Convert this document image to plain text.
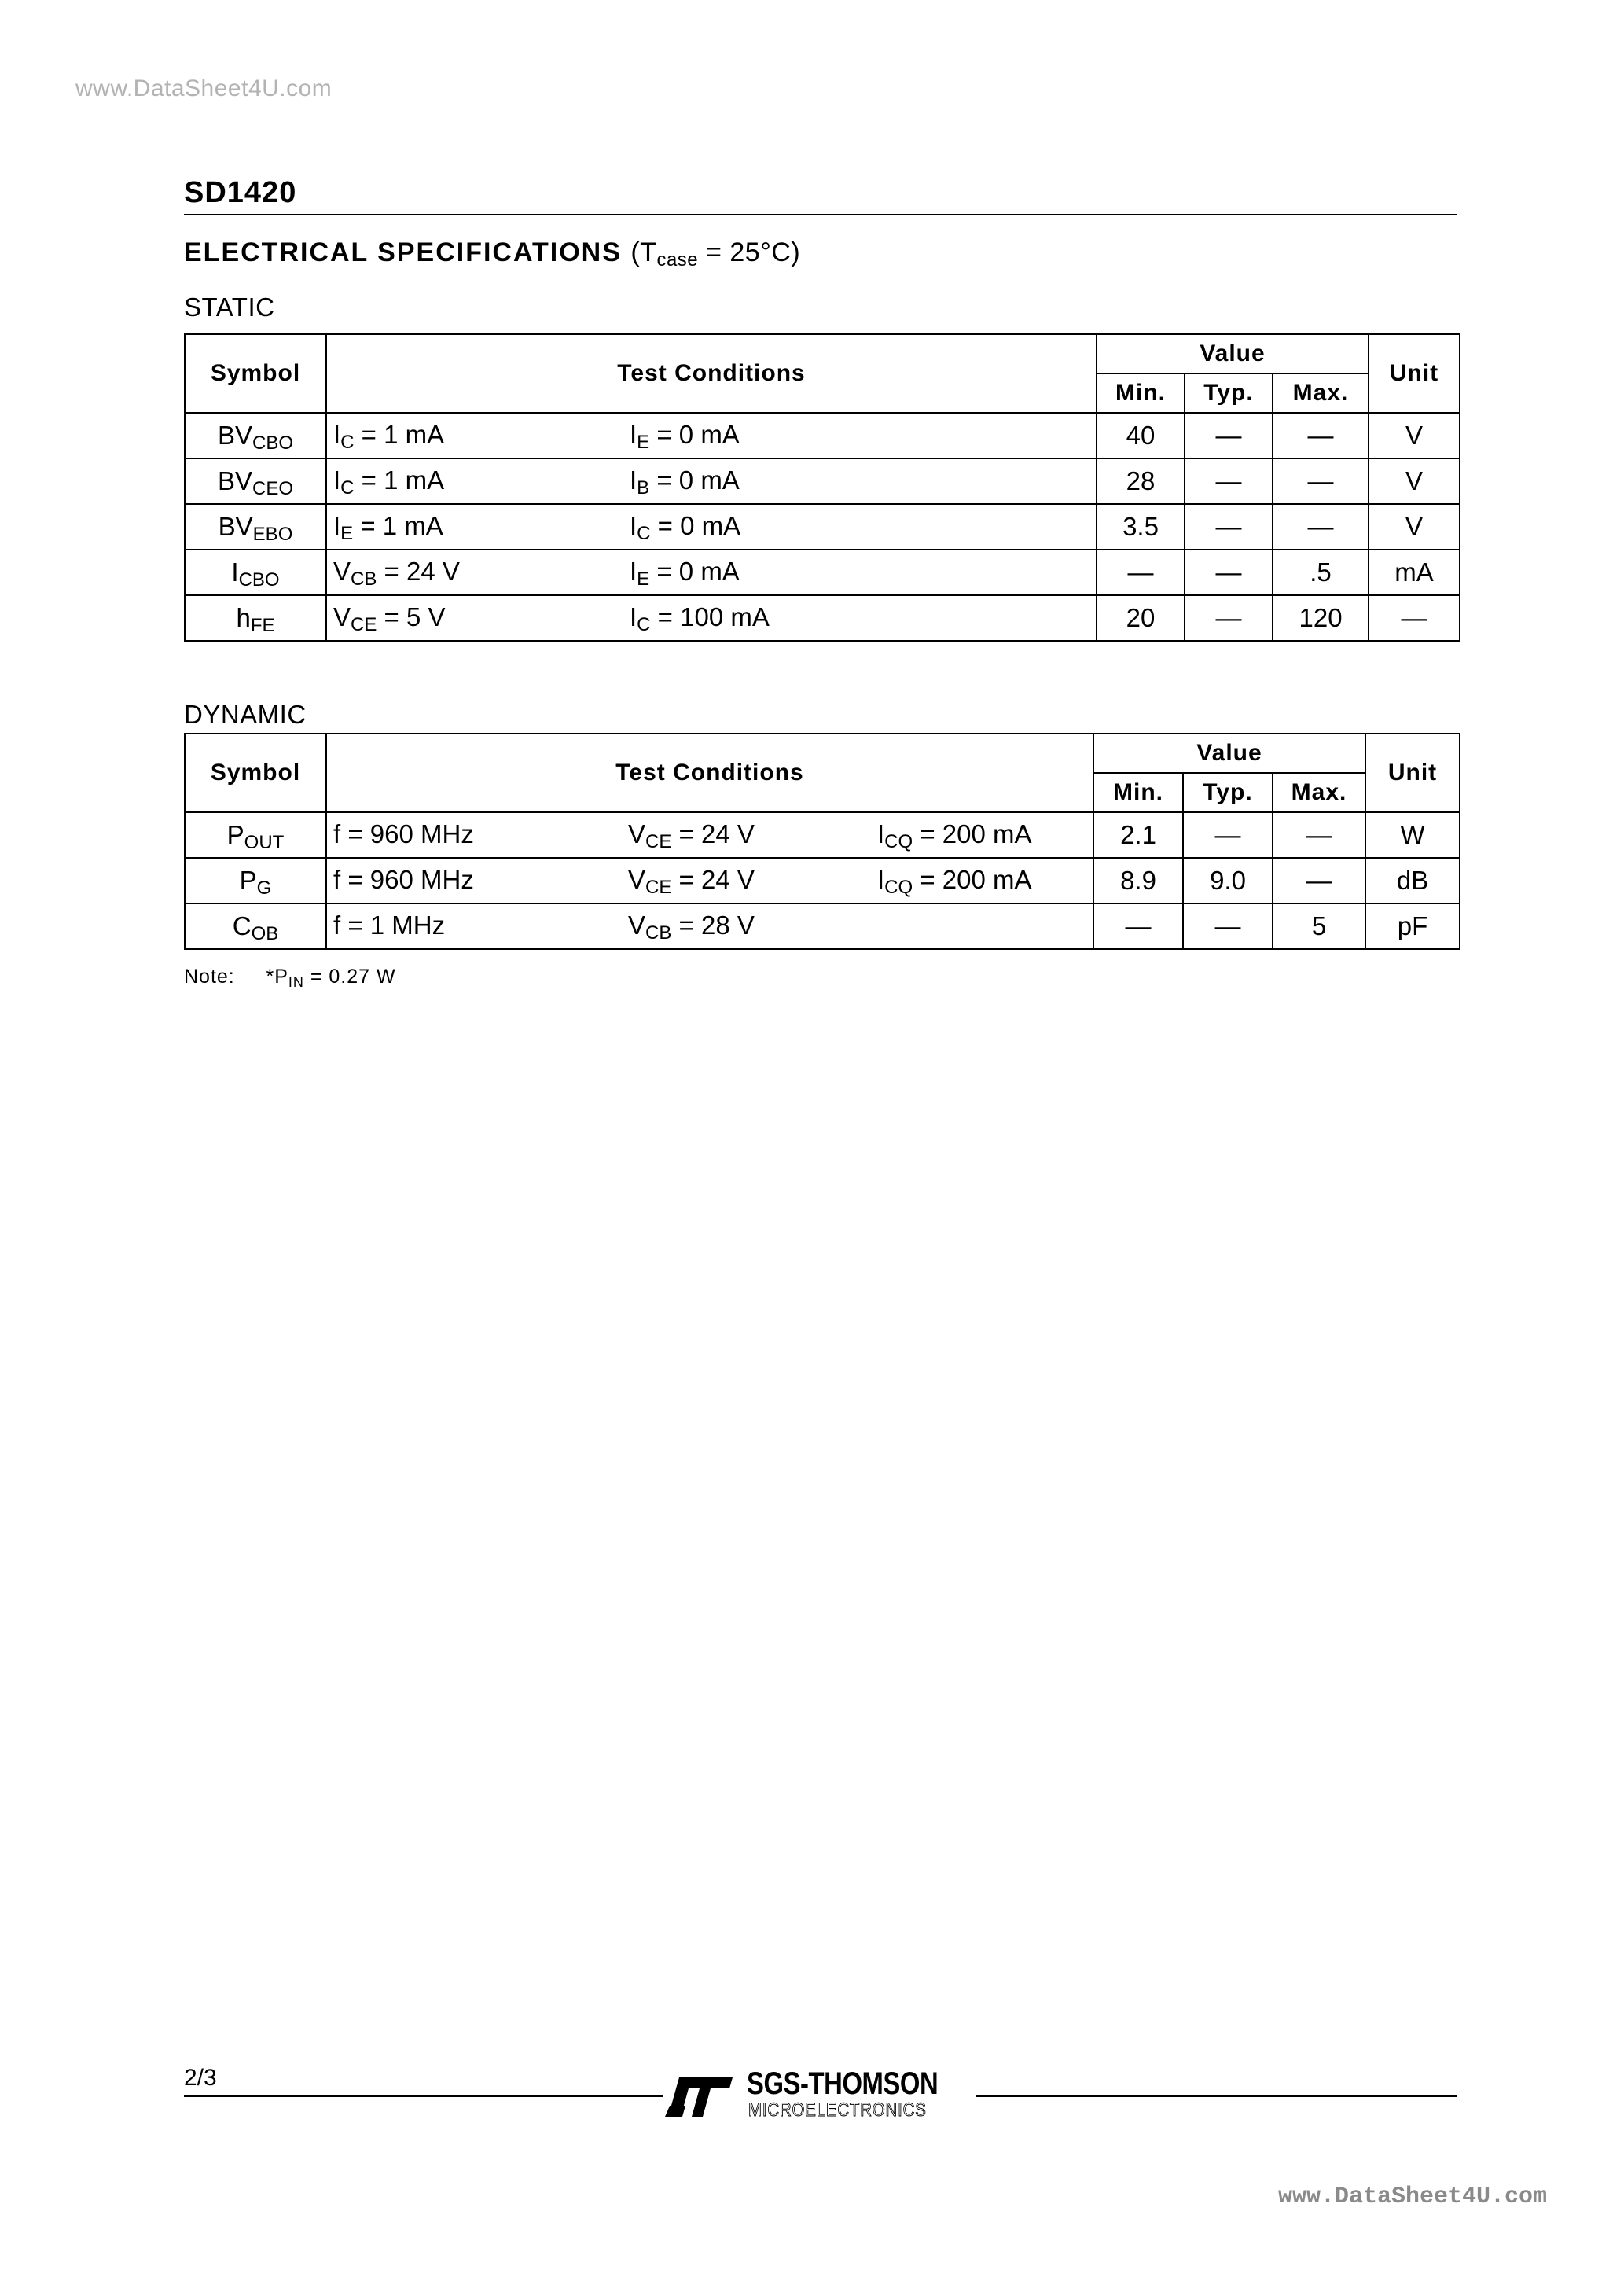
www.DataSheet4U.com
SD1420
ELECTRICAL SPECIFICATIONS $(T_{case} = 25^\circ C)$
STATIC
Symbol	Test Conditions	Value			Unit
		Min.	Typ.	Max.	
$BV_{CBO}$	$I_C = 1$ mA $I_E = 0$ mA	40	—	—	V
$BV_{CEO}$	$I_C = 1$ mA $I_B = 0$ mA	28	—	—	V
$BV_{EBO}$	$I_E = 1$ mA $I_C = 0$ mA	3.5	—	—	V
$I_{CBO}$	$V_{CB} = 24$ V $I_E = 0$ mA	—	—	.5	mA
$h_{FE}$	$V_{CE} = 5$ V $I_C = 100$ mA	20	—	120	—
DYNAMIC
Symbol	Test Conditions	Value			Unit
		Min.	Typ.	Max.	
$P_{OUT}$	f = 960 MHz $V_{CE} = 24$ V $I_{CQ} = 200$ mA	2.1	—	—	W
$P_G$	f = 960 MHz $V_{CE} = 24$ V $I_{CQ} = 200$ mA	8.9	9.0	—	dB
$C_{OB}$	f = 1 MHz $V_{CB} = 28$ V	—	—	5	pF
Note: $*P_{IN} = 0.27$ W
2/3	SGS-THOMSON
MICROELECTRONICS
www.DataSheet4U.com
